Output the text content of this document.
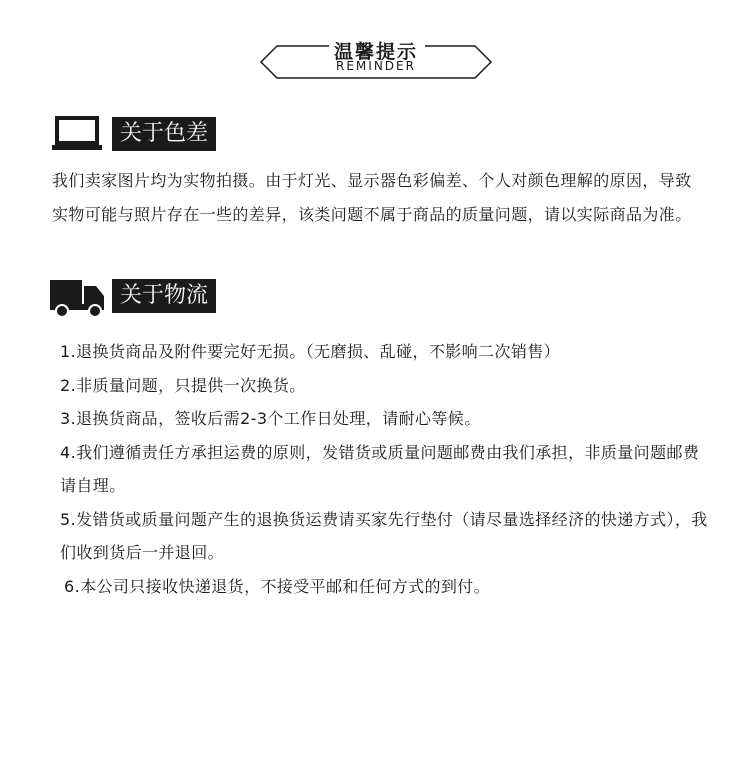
温馨提示
REMINDER
关于色差
我们卖家图片均为实物拍摄。由于灯光、显示器色彩偏差、个人对颜色理解的原因，导致实物可能与照片存在一些的差异，该类问题不属于商品的质量问题，请以实际商品为准。
关于物流
1.退换货商品及附件要完好无损。（无磨损、乱碰，不影响二次销售）
2.非质量问题，只提供一次换货。
3.退换货商品，签收后需2-3个工作日处理，请耐心等候。
4.我们遵循责任方承担运费的原则，发错货或质量问题邮费由我们承担，非质量问题邮费请自理。
5.发错货或质量问题产生的退换货运费请买家先行垫付（请尽量选择经济的快递方式），我们收到货后一并退回。
6.本公司只接收快递退货，不接受平邮和任何方式的到付。
